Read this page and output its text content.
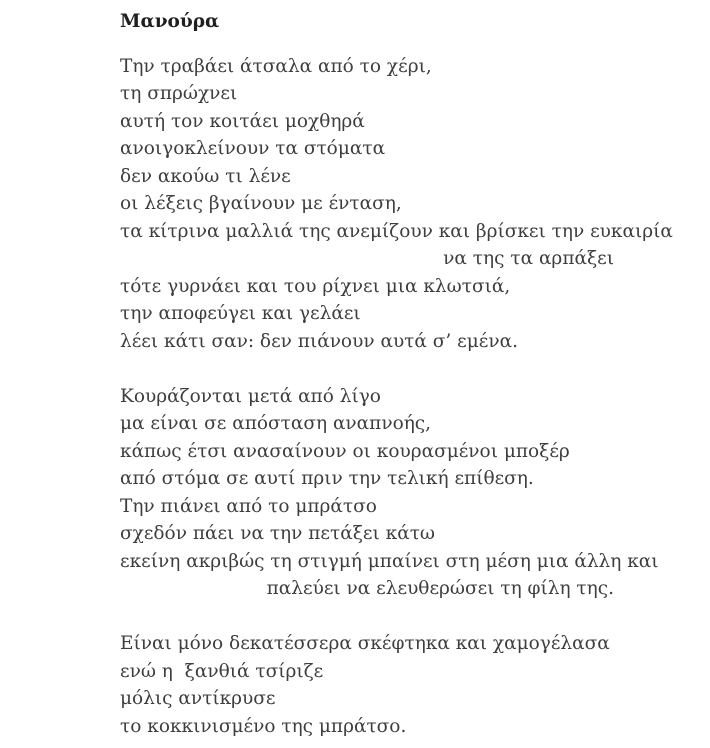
Μανούρα
Την τραβάει άτσαλα από το χέρι,
τη σπρώχνει
αυτή τον κοιτάει μοχθηρά
ανοιγοκλείνουν τα στόματα
δεν ακούω τι λένε
οι λέξεις βγαίνουν με ένταση,
τα κίτρινα μαλλιά της ανεμίζουν και βρίσκει την ευκαιρία
να της τα αρπάξει
τότε γυρνάει και του ρίχνει μια κλωτσιά,
την αποφεύγει και γελάει
λέει κάτι σαν: δεν πιάνουν αυτά σ’ εμένα.
Κουράζονται μετά από λίγο
μα είναι σε απόσταση αναπνοής,
κάπως έτσι ανασαίνουν οι κουρασμένοι μποξέρ
από στόμα σε αυτί πριν την τελική επίθεση.
Την πιάνει από το μπράτσο
σχεδόν πάει να την πετάξει κάτω
εκείνη ακριβώς τη στιγμή μπαίνει στη μέση μια άλλη και
παλεύει να ελευθερώσει τη φίλη της.
Είναι μόνο δεκατέσσερα σκέφτηκα και χαμογέλασα
ενώ η  ξανθιά τσίριζε
μόλις αντίκρυσε
το κοκκινισμένο της μπράτσο.
